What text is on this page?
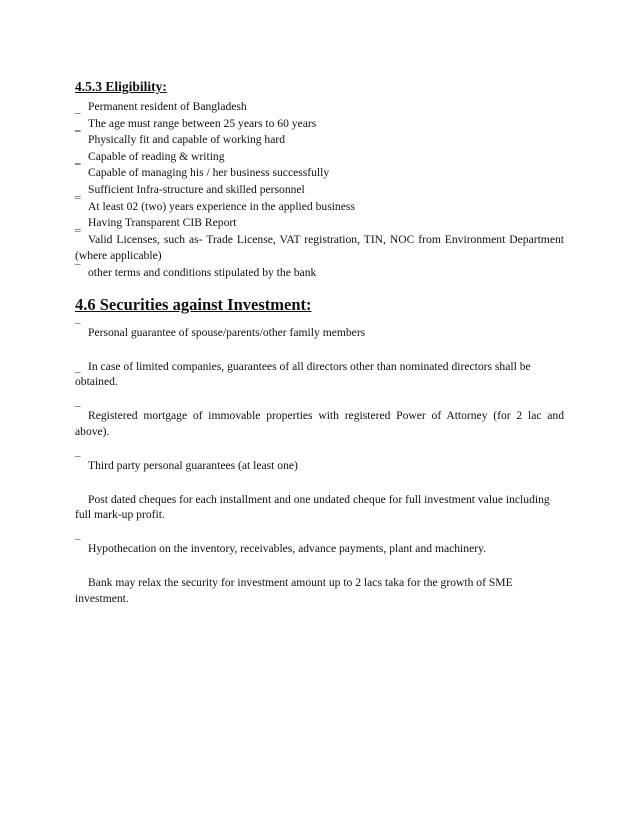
4.5.3 Eligibility:
_ Permanent resident of Bangladesh
_ The age must range between 25 years to 60 years
¯ Physically fit and capable of working hard
_ Capable of reading & writing
¯ Capable of managing his / her business successfully
_ Sufficient Infra-structure and skilled personnel
¯ At least 02 (two) years experience in the applied business
_ Having Transparent CIB Report
¯ Valid Licenses, such as- Trade License, VAT registration, TIN, NOC from Environment Department (where applicable)
¯ other terms and conditions stipulated by the bank
4.6 Securities against Investment:
¯ Personal guarantee of spouse/parents/other family members
_ In case of limited companies, guarantees of all directors other than nominated directors shall be obtained.
¯ Registered mortgage of immovable properties with registered Power of Attorney (for 2 lac and above).
¯ Third party personal guarantees (at least one)
Post dated cheques for each installment and one undated cheque for full investment value including full mark-up profit.
¯ Hypothecation on the inventory, receivables, advance payments, plant and machinery.
Bank may relax the security for investment amount up to 2 lacs taka for the growth of SME investment.
